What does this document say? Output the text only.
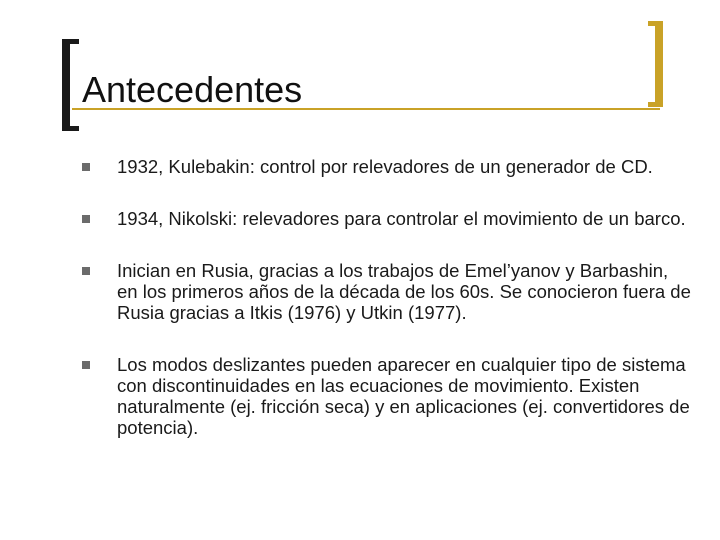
Antecedentes
1932, Kulebakin: control por relevadores de un generador de CD.
1934, Nikolski: relevadores para controlar el movimiento de un barco.
Inician en Rusia, gracias a los trabajos de Emel’yanov y Barbashin, en los primeros años de la década de los 60s. Se conocieron fuera de Rusia gracias a Itkis (1976) y Utkin (1977).
Los modos deslizantes pueden aparecer en cualquier tipo de sistema con discontinuidades en las ecuaciones de movimiento. Existen naturalmente (ej. fricción seca) y en aplicaciones (ej. convertidores de potencia).
